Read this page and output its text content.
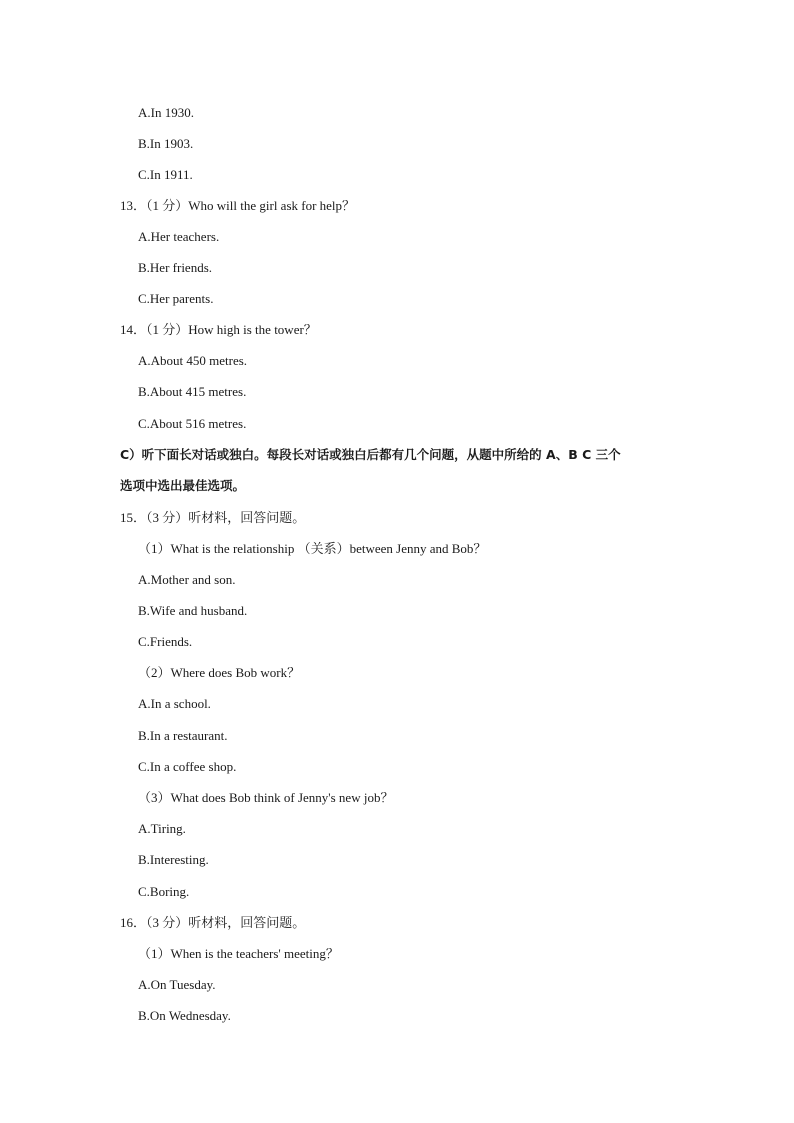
A.In 1930.
B.In 1903.
C.In 1911.
13．（1 分）Who will the girl ask for help？
A.Her teachers.
B.Her friends.
C.Her parents.
14．（1 分）How high is the tower？
A.About 450 metres.
B.About 415 metres.
C.About 516 metres.
C）听下面长对话或独白。每段长对话或独白后都有几个问题，从题中所给的 A、B C 三个
选项中选出最佳选项。
15．（3 分）听材料，回答问题。
（1）What is the relationship （关系）between Jenny and Bob？
A.Mother and son.
B.Wife and husband.
C.Friends.
（2）Where does Bob work？
A.In a school.
B.In a restaurant.
C.In a coffee shop.
（3）What does Bob think of Jenny's new job？
A.Tiring.
B.Interesting.
C.Boring.
16．（3 分）听材料，回答问题。
（1）When is the teachers' meeting？
A.On Tuesday.
B.On Wednesday.
